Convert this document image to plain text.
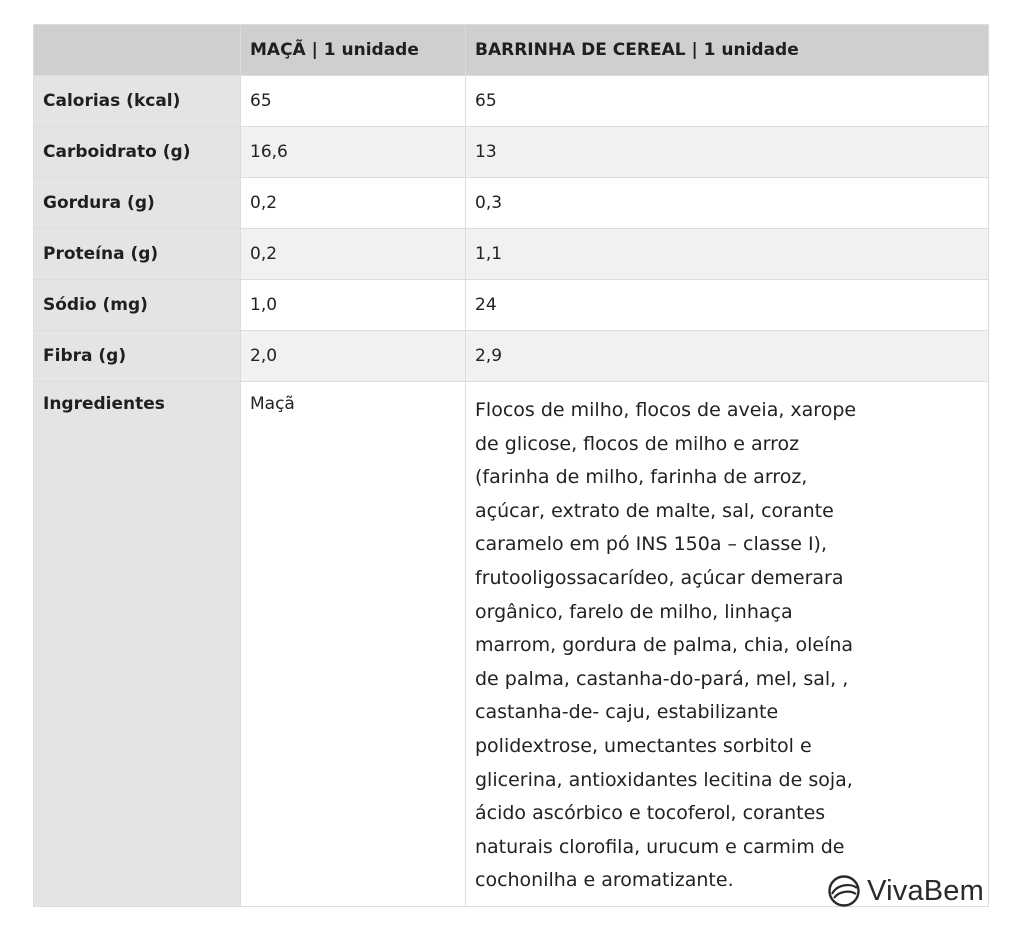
	MAÇÃ | 1 unidade	BARRINHA DE CEREAL | 1 unidade
Calorias (kcal)	65	65
Carboidrato (g)	16,6	13
Gordura (g)	0,2	0,3
Proteína (g)	0,2	1,1
Sódio (mg)	1,0	24
Fibra (g)	2,0	2,9
Ingredientes	Maçã	Flocos de milho, flocos de aveia, xarope de glicose, flocos de milho e arroz (farinha de milho, farinha de arroz, açúcar, extrato de malte, sal, corante caramelo em pó INS 150a – classe I), frutooligossacarídeo, açúcar demerara orgânico, farelo de milho, linhaça marrom, gordura de palma, chia, oleína de palma, castanha-do-pará, mel, sal, , castanha-de- caju, estabilizante polidextrose, umectantes sorbitol e glicerina, antioxidantes lecitina de soja, ácido ascórbico e tocoferol, corantes naturais clorofila, urucum e carmim de cochonilha e aromatizante.	VivaBem
